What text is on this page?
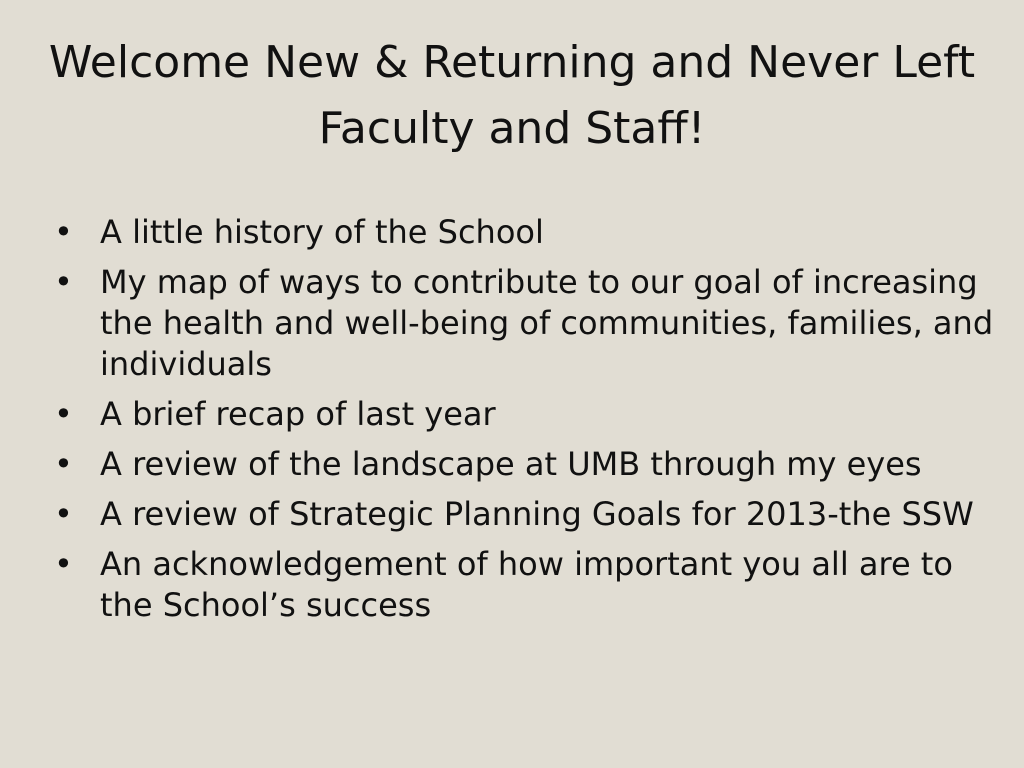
Welcome New & Returning and Never Left Faculty and Staff!
• A little history of the School
• My map of ways to contribute to our goal of increasing the health and well-being of communities, families, and individuals
• A brief recap of last year
• A review of the landscape at UMB through my eyes
• A review of Strategic Planning Goals for 2013-the SSW
• An acknowledgement of how important you all are to the School’s success
